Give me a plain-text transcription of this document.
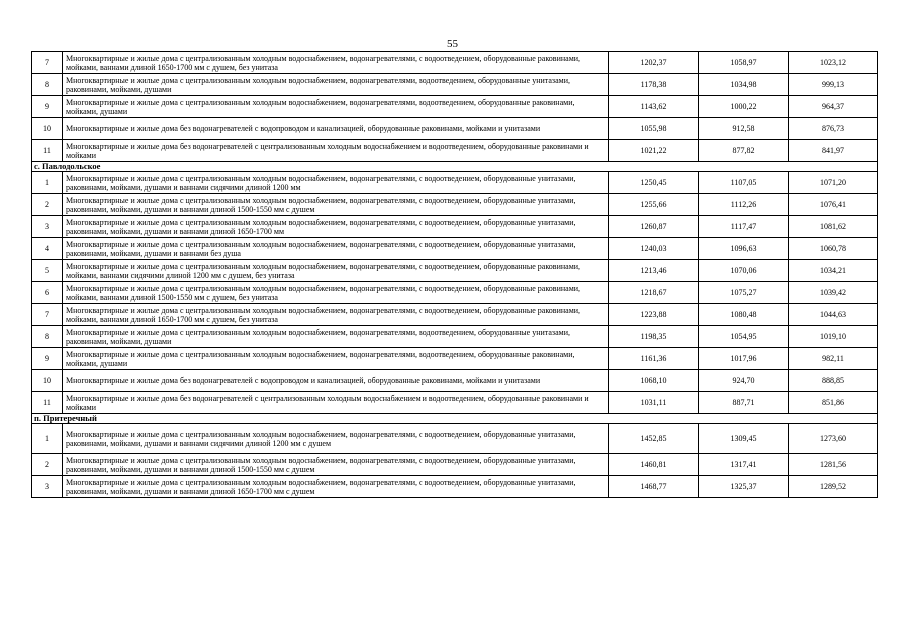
55
7	Многоквартирные и жилые дома с централизованным холодным водоснабжением, водонагревателями, с водоотведением, оборудованные раковинами, мойками, ваннами длиной 1650-1700 мм с душем, без унитаза	1202,37	1058,97	1023,12
8	Многоквартирные и жилые дома с централизованным холодным водоснабжением, водонагревателями, водоотведением, оборудованные унитазами, раковинами, мойками, душами	1178,38	1034,98	999,13
9	Многоквартирные и жилые дома с централизованным холодным водоснабжением, водонагревателями, водоотведением, оборудованные раковинами, мойками, душами	1143,62	1000,22	964,37
10	Многоквартирные и жилые дома без водонагревателей с водопроводом и канализацией, оборудованные раковинами, мойками и унитазами	1055,98	912,58	876,73
11	Многоквартирные и жилые дома без водонагревателей с централизованным холодным водоснабжением и водоотведением, оборудованные раковинами и мойками	1021,22	877,82	841,97
с. Павлодольское				
1	Многоквартирные и жилые дома с централизованным холодным водоснабжением, водонагревателями, с водоотведением, оборудованные унитазами, раковинами, мойками, душами и ваннами сидячими длиной 1200 мм	1250,45	1107,05	1071,20
2	Многоквартирные и жилые дома с централизованным холодным водоснабжением, водонагревателями, с водоотведением, оборудованные унитазами, раковинами, мойками, душами и ваннами длиной 1500-1550 мм с душем	1255,66	1112,26	1076,41
3	Многоквартирные и жилые дома с централизованным холодным водоснабжением, водонагревателями, с водоотведением, оборудованные унитазами, раковинами, мойками, душами и ваннами длиной 1650-1700 мм	1260,87	1117,47	1081,62
4	Многоквартирные и жилые дома с централизованным холодным водоснабжением, водонагревателями, с водоотведением, оборудованные унитазами, раковинами, мойками, душами и ваннами без душа	1240,03	1096,63	1060,78
5	Многоквартирные и жилые дома с централизованным холодным водоснабжением, водонагревателями, с водоотведением, оборудованные раковинами, мойками, ваннами сидячими длиной 1200 мм с душем, без унитаза	1213,46	1070,06	1034,21
6	Многоквартирные и жилые дома с централизованным холодным водоснабжением, водонагревателями, с водоотведением, оборудованные раковинами, мойками, ваннами длиной 1500-1550 мм с душем, без унитаза	1218,67	1075,27	1039,42
7	Многоквартирные и жилые дома с централизованным холодным водоснабжением, водонагревателями, с водоотведением, оборудованные раковинами, мойками, ваннами длиной 1650-1700 мм с душем, без унитаза	1223,88	1080,48	1044,63
8	Многоквартирные и жилые дома с централизованным холодным водоснабжением, водонагревателями, водоотведением, оборудованные унитазами, раковинами, мойками, душами	1198,35	1054,95	1019,10
9	Многоквартирные и жилые дома с централизованным холодным водоснабжением, водонагревателями, водоотведением, оборудованные раковинами, мойками, душами	1161,36	1017,96	982,11
10	Многоквартирные и жилые дома без водонагревателей с водопроводом и канализацией, оборудованные раковинами, мойками и унитазами	1068,10	924,70	888,85
11	Многоквартирные и жилые дома без водонагревателей с централизованным холодным водоснабжением и водоотведением, оборудованные раковинами и мойками	1031,11	887,71	851,86
п. Притеречный				
1	Многоквартирные и жилые дома с централизованным холодным водоснабжением, водонагревателями, с водоотведением, оборудованные унитазами, раковинами, мойками, душами и ваннами сидячими длиной 1200 мм с душем	1452,85	1309,45	1273,60
2	Многоквартирные и жилые дома с централизованным холодным водоснабжением, водонагревателями, с водоотведением, оборудованные унитазами, раковинами, мойками, душами и ваннами длиной 1500-1550 мм с душем	1460,81	1317,41	1281,56
3	Многоквартирные и жилые дома с централизованным холодным водоснабжением, водонагревателями, с водоотведением, оборудованные унитазами, раковинами, мойками, душами и ваннами длиной 1650-1700 мм с душем	1468,77	1325,37	1289,52
